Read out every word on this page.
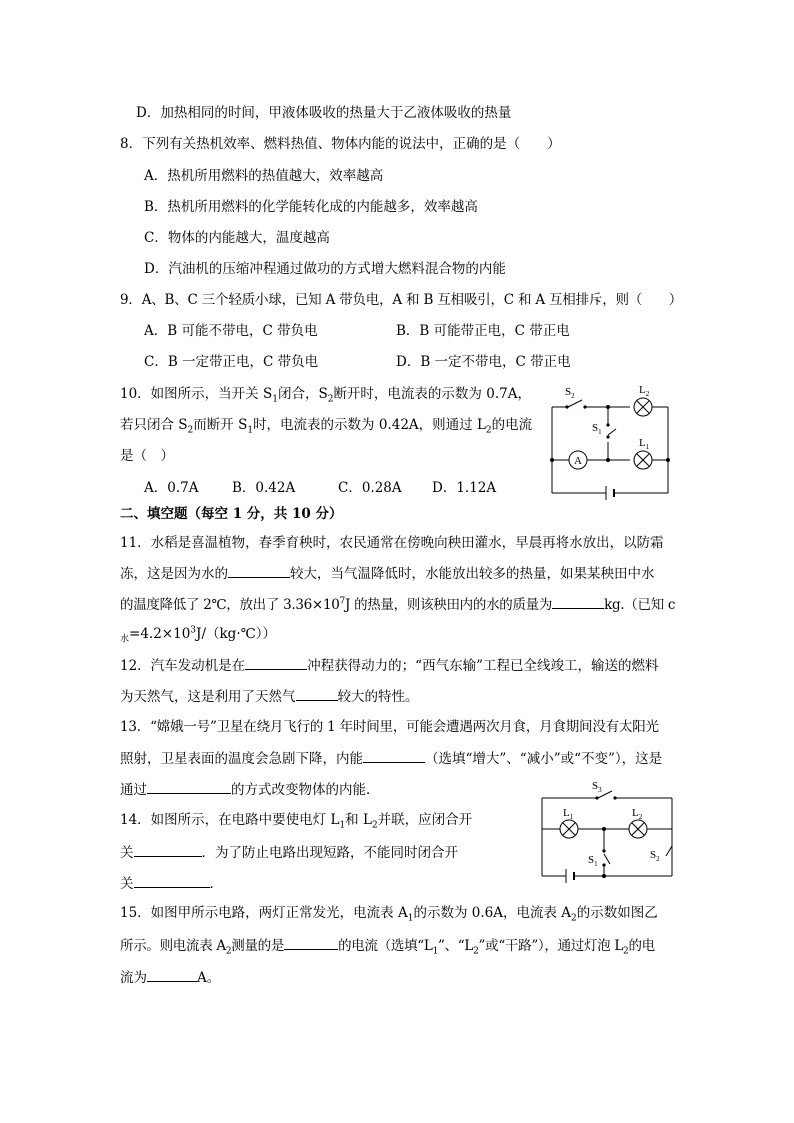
D．加热相同的时间，甲液体吸收的热量大于乙液体吸收的热量
8．下列有关热机效率、燃料热值、物体内能的说法中，正确的是（　　）
A．热机所用燃料的热值越大，效率越高
B．热机所用燃料的化学能转化成的内能越多，效率越高
C．物体的内能越大，温度越高
D．汽油机的压缩冲程通过做功的方式增大燃料混合物的内能
9．A、B、C 三个轻质小球，已知 A 带负电，A 和 B 互相吸引，C 和 A 互相排斥，则（　　）
A．B 可能不带电，C 带负电	B．B 可能带正电，C 带正电
C．B 一定带正电，C 带负电	D．B 一定不带电，C 带正电
10．如图所示，当开关 $S_1$闭合，$S_2$断开时，电流表的示数为 0.7A，
若只闭合 $S_2$而断开 $S_1$时，电流表的示数为 0.42A，则通过 $L_2$的电流
是（　）
A．0.7A B．0.42A	C．0.28A D．1.12A
$S_2$
$S_1$
$L_2$
$L_1$
A
二、填空题（每空 1 分，共 10 分）
11．水稻是喜温植物，春季育秧时，农民通常在傍晚向秧田灌水，早晨再将水放出，以防霜
冻，这是因为水的	较大，当气温降低时，水能放出较多的热量，如果某秧田中水
的温度降低了 2℃，放出了 $3.36\times 10^7J$ 的热量，则该秧田内的水的质量为	kg.（已知 c
$_水=4.2\times 10^3J/(kg\cdot℃)$）
12．汽车发动机是在	冲程获得动力的；“西气东输”工程已全线竣工，输送的燃料
为天然气，这是利用了天然气	较大的特性。
13．“嫦娥一号”卫星在绕月飞行的 1 年时间里，可能会遭遇两次月食，月食期间没有太阳光
照射，卫星表面的温度会急剧下降，内能	（选填“增大”、“减小”或“不变”），这是
通过	的方式改变物体的内能．
14．如图所示，在电路中要使电灯 $L_1$和 $L_2$并联，应闭合开
关	．为了防止电路出现短路，不能同时闭合开
关	．
$S_3$
$L_1$	$L_2$
$S_1$
$S_2$
15．如图甲所示电路，两灯正常发光，电流表 $A_1$的示数为 0.6A，电流表 $A_2$的示数如图乙
所示。则电流表 $A_2$测量的是	的电流（选填“$L_1$”、“$L_2$”或“干路”），通过灯泡 $L_2$的电
流为	A。
